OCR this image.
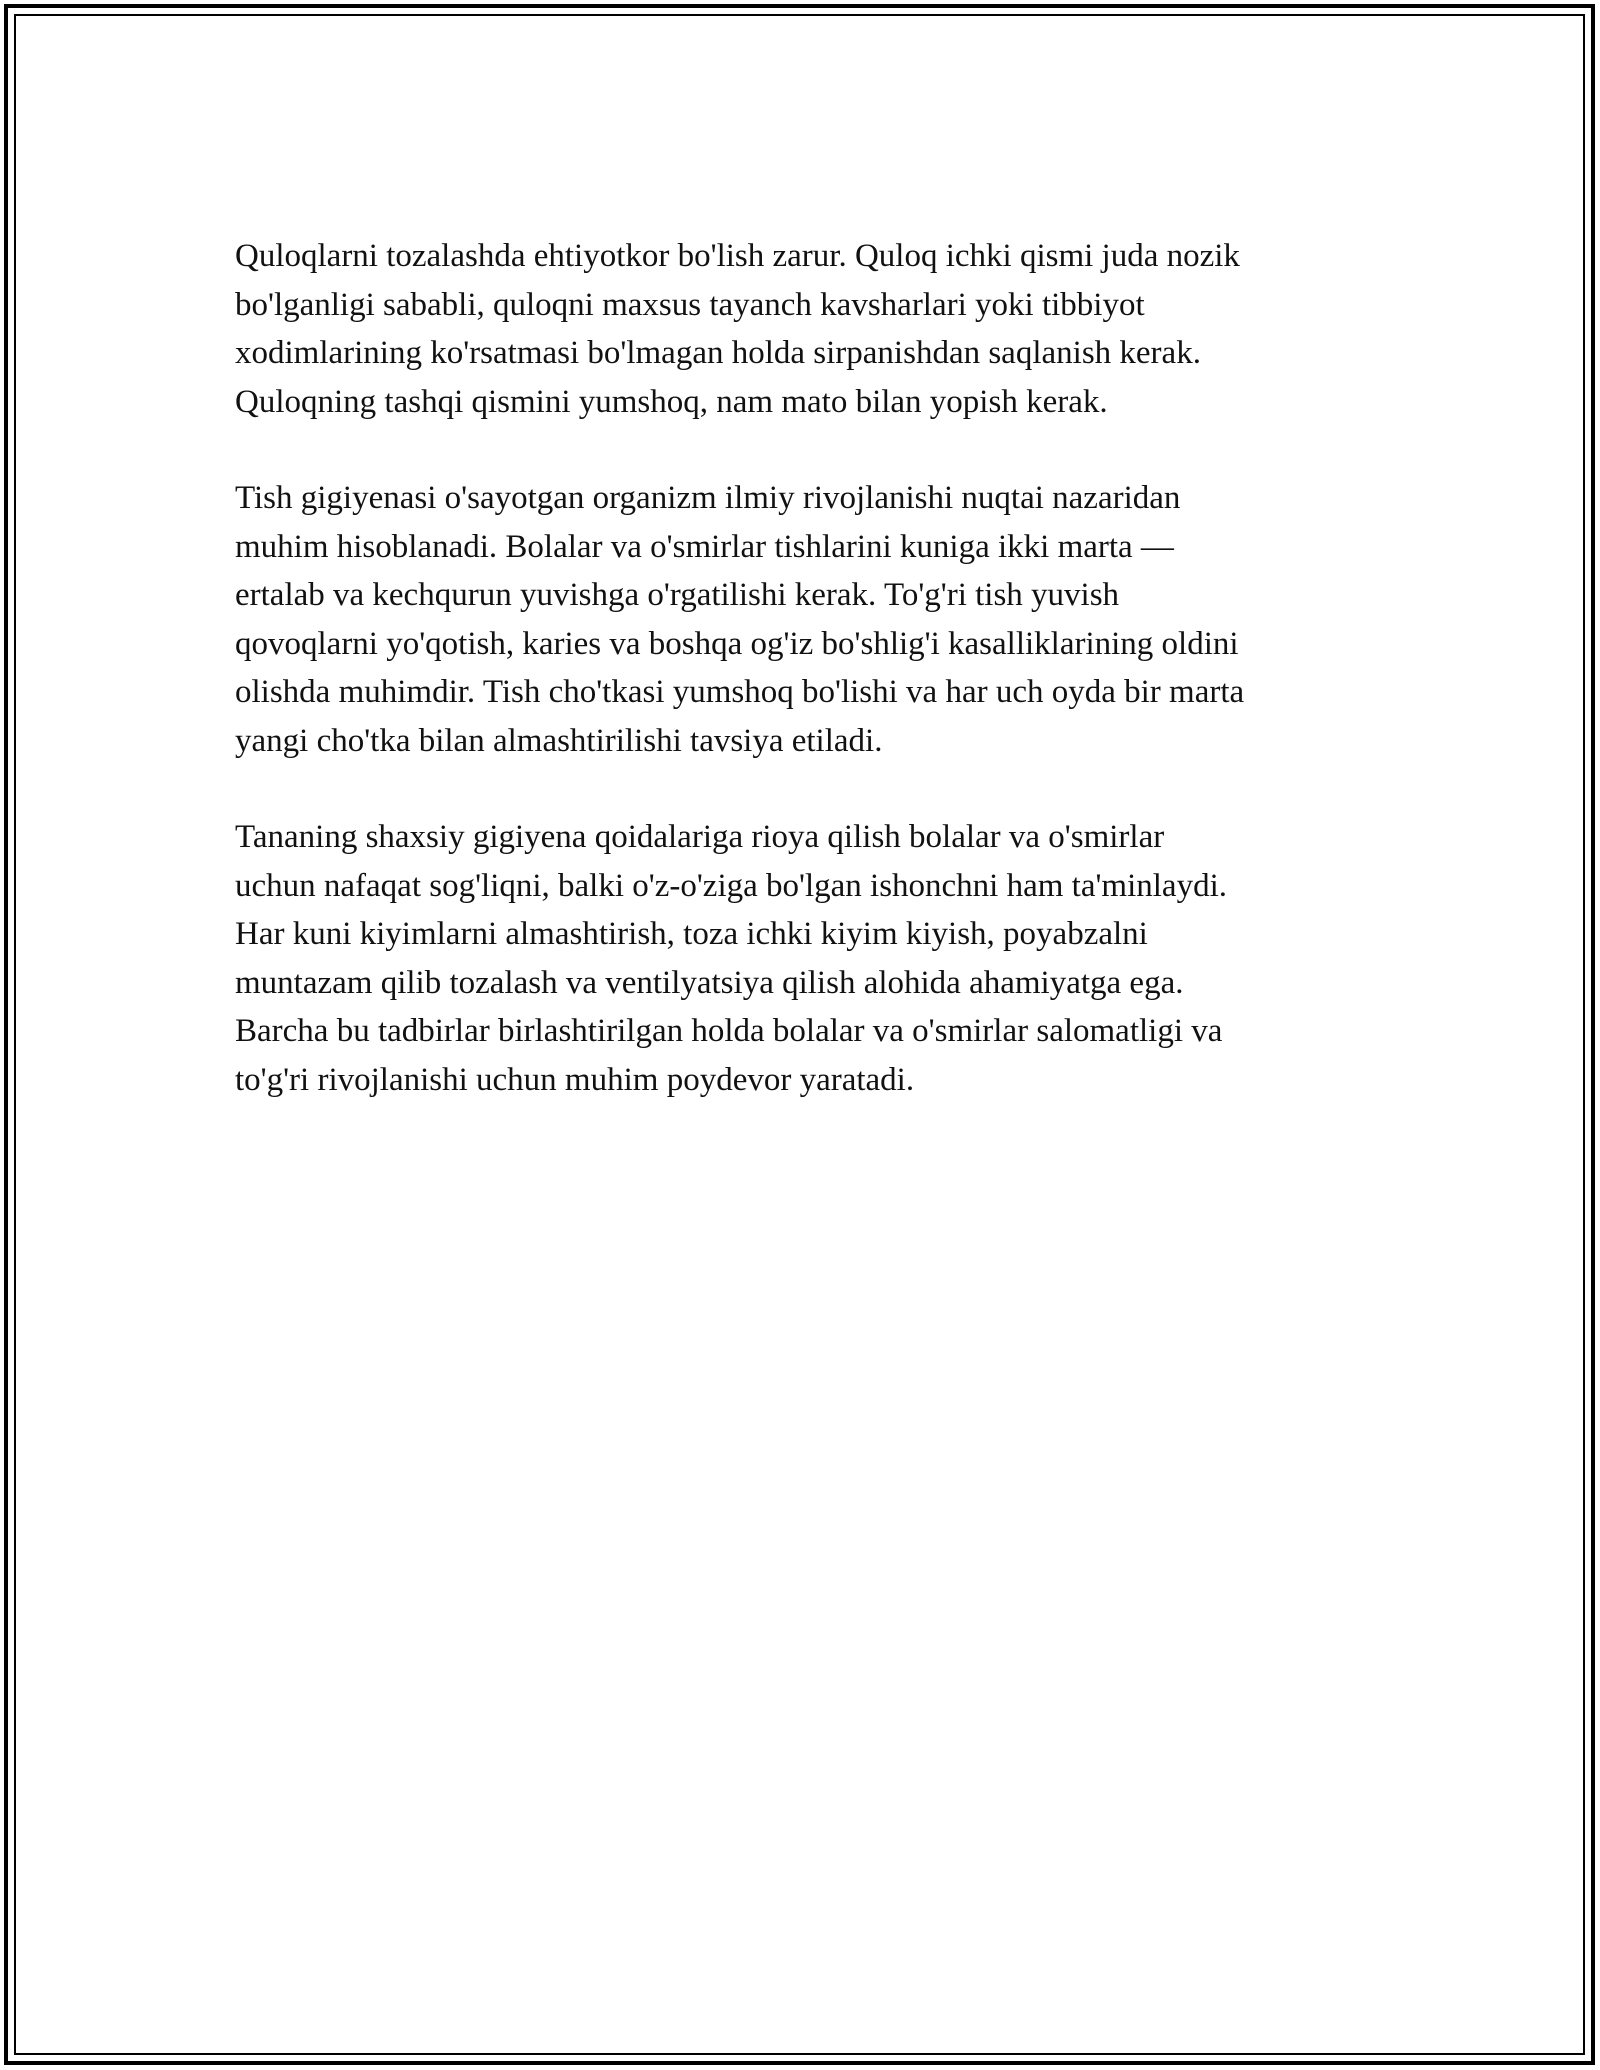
Quloqlarni tozalashda ehtiyotkor bo'lish zarur. Quloq ichki qismi juda nozik
bo'lganligi sababli, quloqni maxsus tayanch kavsharlari yoki tibbiyot
xodimlarining ko'rsatmasi bo'lmagan holda sirpanishdan saqlanish kerak.
Quloqning tashqi qismini yumshoq, nam mato bilan yopish kerak.

Tish gigiyenasi o'sayotgan organizm ilmiy rivojlanishi nuqtai nazaridan
muhim hisoblanadi. Bolalar va o'smirlar tishlarini kuniga ikki marta —
ertalab va kechqurun yuvishga o'rgatilishi kerak. To'g'ri tish yuvish
qovoqlarni yo'qotish, karies va boshqa og'iz bo'shlig'i kasalliklarining oldini
olishda muhimdir. Tish cho'tkasi yumshoq bo'lishi va har uch oyda bir marta
yangi cho'tka bilan almashtirilishi tavsiya etiladi.

Tananing shaxsiy gigiyena qoidalariga rioya qilish bolalar va o'smirlar
uchun nafaqat sog'liqni, balki o'z-o'ziga bo'lgan ishonchni ham ta'minlaydi.
Har kuni kiyimlarni almashtirish, toza ichki kiyim kiyish, poyabzalni
muntazam qilib tozalash va ventilyatsiya qilish alohida ahamiyatga ega.
Barcha bu tadbirlar birlashtirilgan holda bolalar va o'smirlar salomatligi va
to'g'ri rivojlanishi uchun muhim poydevor yaratadi.
